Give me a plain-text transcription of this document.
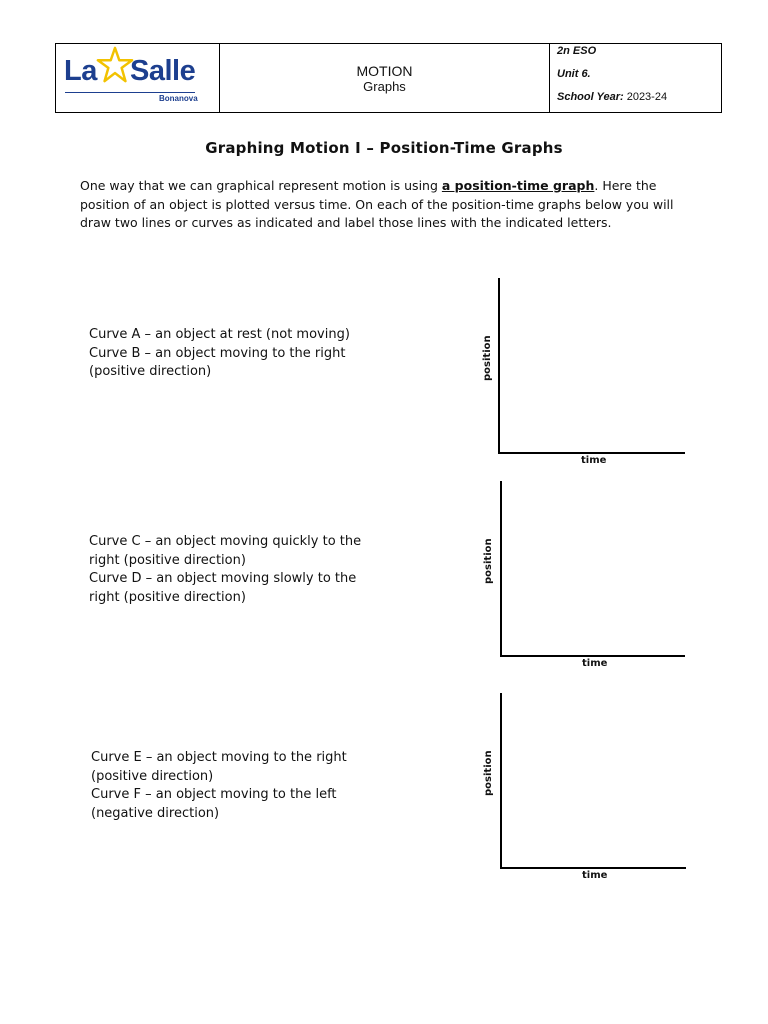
La Salle
Bonanova
MOTION
Graphs
2n ESO
Unit 6.
School Year: 2023-24
Graphing Motion I – Position-Time Graphs
One way that we can graphical represent motion is using a position-time graph. Here the position of an object is plotted versus time. On each of the position-time graphs below you will draw two lines or curves as indicated and label those lines with the indicated letters.
Curve A – an object at rest (not moving)
Curve B – an object moving to the right
(positive direction)	position
time
Curve C – an object moving quickly to the
right (positive direction)
Curve D – an object moving slowly to the
right (positive direction)
position
time
Curve E – an object moving to the right
(positive direction)
Curve F – an object moving to the left
(negative direction)
position
time
